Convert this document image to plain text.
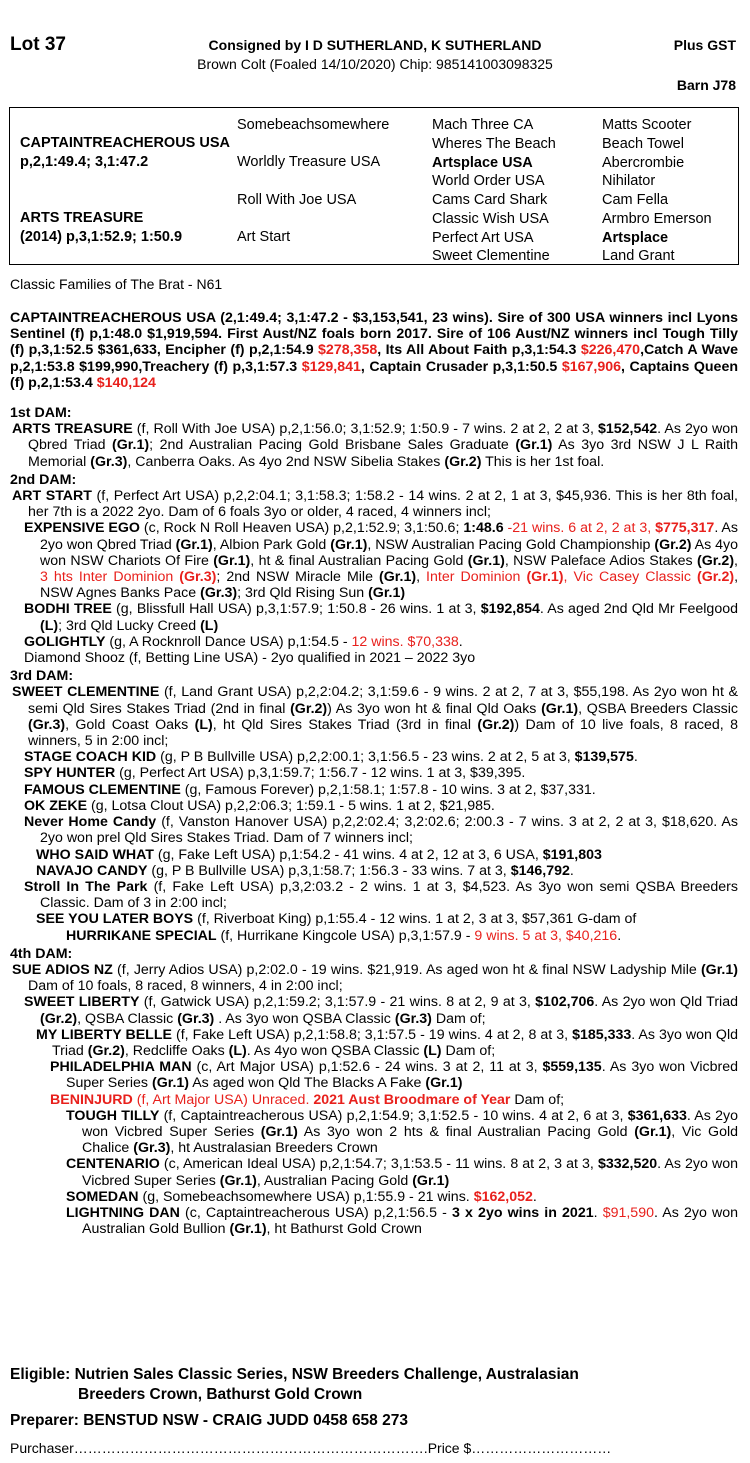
Lot 37	Consigned by I D SUTHERLAND, K SUTHERLAND
Brown Colt (Foaled 14/10/2020) Chip: 985141003098325
Plus GST
Barn J78
CAPTAINTREACHEROUS USA
p,2,1:49.4; 3,1:47.2
ARTS TREASURE
(2014) p,3,1:52.9; 1:50.9
Somebeachsomewhere
Worldly Treasure USA
Roll With Joe USA
Art Start
Mach Three CA
Wheres The Beach
Artsplace USA
World Order USA
Cams Card Shark
Classic Wish USA
Perfect Art USA
Sweet Clementine
Matts Scooter
Beach Towel
Abercrombie
Nihilator
Cam Fella
Armbro Emerson
Artsplace
Land Grant
Classic Families of The Brat - N61

CAPTAINTREACHEROUS USA (2,1:49.4; 3,1:47.2 - $3,153,541, 23 wins). Sire of 300 USA winners incl Lyons Sentinel (f) p,1:48.0 $1,919,594. First Aust/NZ foals born 2017. Sire of 106 Aust/NZ winners incl Tough Tilly (f) p,3,1:52.5 $361,633, Encipher (f) p,2,1:54.9 $278,358, Its All About Faith p,3,1:54.3 $226,470,Catch A Wave p,2,1:53.8 $199,990,Treachery (f) p,3,1:57.3 $129,841, Captain Crusader p,3,1:50.5 $167,906, Captains Queen (f) p,2,1:53.4 $140,124

1st DAM:

ARTS TREASURE (f, Roll With Joe USA) p,2,1:56.0; 3,1:52.9; 1:50.9 - 7 wins. 2 at 2, 2 at 3, $152,542. As 2yo won Qbred Triad (Gr.1); 2nd Australian Pacing Gold Brisbane Sales Graduate (Gr.1) As 3yo 3rd NSW J L Raith Memorial (Gr.3), Canberra Oaks. As 4yo 2nd NSW Sibelia Stakes (Gr.2) This is her 1st foal.

2nd DAM:

ART START (f, Perfect Art USA) p,2,2:04.1; 3,1:58.3; 1:58.2 - 14 wins. 2 at 2, 1 at 3, $45,936. This is her 8th foal, her 7th is a 2022 2yo. Dam of 6 foals 3yo or older, 4 raced, 4 winners incl;

EXPENSIVE EGO (c, Rock N Roll Heaven USA) p,2,1:52.9; 3,1:50.6; 1:48.6 -21 wins. 6 at 2, 2 at 3, $775,317. As 2yo won Qbred Triad (Gr.1), Albion Park Gold (Gr.1), NSW Australian Pacing Gold Championship (Gr.2) As 4yo won NSW Chariots Of Fire (Gr.1), ht & final Australian Pacing Gold (Gr.1), NSW Paleface Adios Stakes (Gr.2), 3 hts Inter Dominion (Gr.3); 2nd NSW Miracle Mile (Gr.1), Inter Dominion (Gr.1), Vic Casey Classic (Gr.2), NSW Agnes Banks Pace (Gr.3); 3rd Qld Rising Sun (Gr.1)

BODHI TREE (g, Blissfull Hall USA) p,3,1:57.9; 1:50.8 - 26 wins. 1 at 3, $192,854. As aged 2nd Qld Mr Feelgood (L); 3rd Qld Lucky Creed (L)

GOLIGHTLY (g, A Rocknroll Dance USA) p,1:54.5 - 12 wins. $70,338.

Diamond Shooz (f, Betting Line USA) - 2yo qualified in 2021 – 2022 3yo

3rd DAM:

SWEET CLEMENTINE (f, Land Grant USA) p,2,2:04.2; 3,1:59.6 - 9 wins. 2 at 2, 7 at 3, $55,198. As 2yo won ht & semi Qld Sires Stakes Triad (2nd in final (Gr.2)) As 3yo won ht & final Qld Oaks (Gr.1), QSBA Breeders Classic (Gr.3), Gold Coast Oaks (L), ht Qld Sires Stakes Triad (3rd in final (Gr.2)) Dam of 10 live foals, 8 raced, 8 winners, 5 in 2:00 incl;

STAGE COACH KID (g, P B Bullville USA) p,2,2:00.1; 3,1:56.5 - 23 wins. 2 at 2, 5 at 3, $139,575.

SPY HUNTER (g, Perfect Art USA) p,3,1:59.7; 1:56.7 - 12 wins. 1 at 3, $39,395.

FAMOUS CLEMENTINE (g, Famous Forever) p,2,1:58.1; 1:57.8 - 10 wins. 3 at 2, $37,331.

OK ZEKE (g, Lotsa Clout USA) p,2,2:06.3; 1:59.1 - 5 wins. 1 at 2, $21,985.

Never Home Candy (f, Vanston Hanover USA) p,2,2:02.4; 3,2:02.6; 2:00.3 - 7 wins. 3 at 2, 2 at 3, $18,620. As 2yo won prel Qld Sires Stakes Triad. Dam of 7 winners incl;

WHO SAID WHAT (g, Fake Left USA) p,1:54.2 - 41 wins. 4 at 2, 12 at 3, 6 USA, $191,803

NAVAJO CANDY (g, P B Bullville USA) p,3,1:58.7; 1:56.3 - 33 wins. 7 at 3, $146,792.

Stroll In The Park (f, Fake Left USA) p,3,2:03.2 - 2 wins. 1 at 3, $4,523. As 3yo won semi QSBA Breeders Classic. Dam of 3 in 2:00 incl;

SEE YOU LATER BOYS (f, Riverboat King) p,1:55.4 - 12 wins. 1 at 2, 3 at 3, $57,361 G-dam of

HURRIKANE SPECIAL (f, Hurrikane Kingcole USA) p,3,1:57.9 - 9 wins. 5 at 3, $40,216.

4th DAM:

SUE ADIOS NZ (f, Jerry Adios USA) p,2:02.0 - 19 wins. $21,919. As aged won ht & final NSW Ladyship Mile (Gr.1) Dam of 10 foals, 8 raced, 8 winners, 4 in 2:00 incl;

SWEET LIBERTY (f, Gatwick USA) p,2,1:59.2; 3,1:57.9 - 21 wins. 8 at 2, 9 at 3, $102,706. As 2yo won Qld Triad (Gr.2), QSBA Classic (Gr.3) . As 3yo won QSBA Classic (Gr.3) Dam of;

MY LIBERTY BELLE (f, Fake Left USA) p,2,1:58.8; 3,1:57.5 - 19 wins. 4 at 2, 8 at 3, $185,333. As 3yo won Qld Triad (Gr.2), Redcliffe Oaks (L). As 4yo won QSBA Classic (L) Dam of;

PHILADELPHIA MAN (c, Art Major USA) p,1:52.6 - 24 wins. 3 at 2, 11 at 3, $559,135. As 3yo won Vicbred Super Series (Gr.1) As aged won Qld The Blacks A Fake (Gr.1)

BENINJURD (f, Art Major USA) Unraced. 2021 Aust Broodmare of Year Dam of;

TOUGH TILLY (f, Captaintreacherous USA) p,2,1:54.9; 3,1:52.5 - 10 wins. 4 at 2, 6 at 3, $361,633. As 2yo won Vicbred Super Series (Gr.1) As 3yo won 2 hts & final Australian Pacing Gold (Gr.1), Vic Gold Chalice (Gr.3), ht Australasian Breeders Crown

CENTENARIO (c, American Ideal USA) p,2,1:54.7; 3,1:53.5 - 11 wins. 8 at 2, 3 at 3, $332,520. As 2yo won Vicbred Super Series (Gr.1), Australian Pacing Gold (Gr.1)

SOMEDAN (g, Somebeachsomewhere USA) p,1:55.9 - 21 wins. $162,052.

LIGHTNING DAN (c, Captaintreacherous USA) p,2,1:56.5 - 3 x 2yo wins in 2021. $91,590. As 2yo won Australian Gold Bullion (Gr.1), ht Bathurst Gold Crown

Eligible: Nutrien Sales Classic Series, NSW Breeders Challenge, Australasian
Breeders Crown, Bathurst Gold Crown
Preparer: BENSTUD NSW - CRAIG JUDD 0458 658 273
Purchaser………………………………………………………………….Price $…………………………
